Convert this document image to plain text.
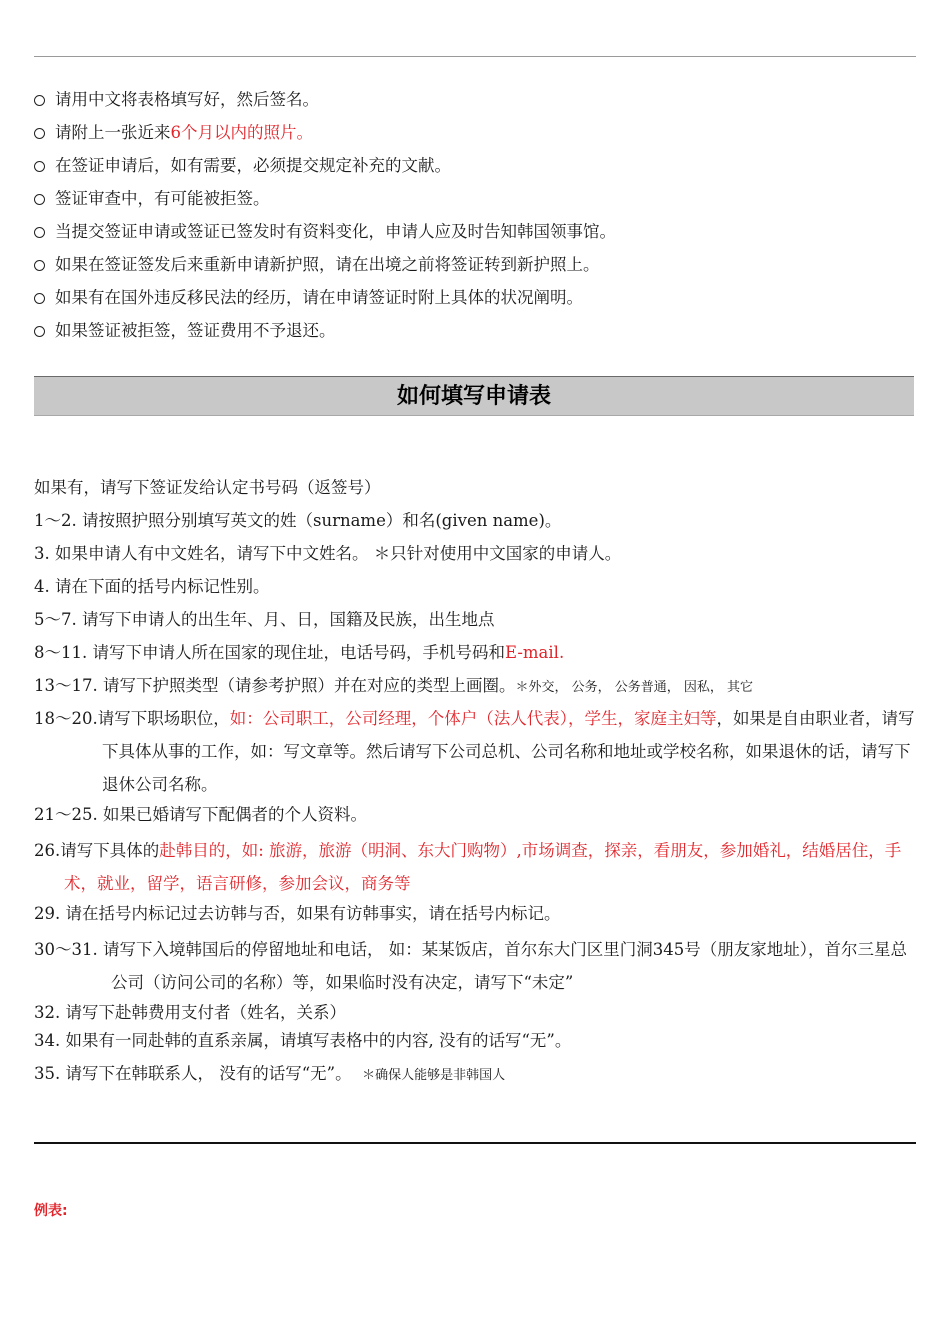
请用中文将表格填写好，然后签名。
请附上一张近来6个月以内的照片。
在签证申请后，如有需要，必须提交规定补充的文献。
签证审查中，有可能被拒签。
当提交签证申请或签证已签发时有资料变化，申请人应及时告知韩国领事馆。
如果在签证签发后来重新申请新护照，请在出境之前将签证转到新护照上。
如果有在国外违反移民法的经历，请在申请签证时附上具体的状况阐明。
如果签证被拒签，签证费用不予退还。
如何填写申请表
如果有，请写下签证发给认定书号码（返签号）
1～2. 请按照护照分别填写英文的姓（surname）和名(given name)。
3. 如果申请人有中文姓名，请写下中文姓名。 ＊只针对使用中文国家的申请人。
4. 请在下面的括号内标记性别。
5～7. 请写下申请人的出生年、月、日，国籍及民族，出生地点
8～11. 请写下申请人所在国家的现住址，电话号码，手机号码和E-mail.
13～17. 请写下护照类型（请参考护照）并在对应的类型上画圈。＊外交， 公务， 公务普通， 因私， 其它
18～20.请写下职场职位，如：公司职工，公司经理，个体户（法人代表），学生，家庭主妇等，如果是自由职业者，请写下具体从事的工作，如：写文章等。然后请写下公司总机、公司名称和地址或学校名称，如果退休的话，请写下退休公司名称。
21～25. 如果已婚请写下配偶者的个人资料。
26.请写下具体的赴韩目的，如: 旅游，旅游（明洞、东大门购物）,市场调查，探亲，看朋友，参加婚礼，结婚居住，手术，就业，留学，语言研修，参加会议，商务等
29. 请在括号内标记过去访韩与否，如果有访韩事实，请在括号内标记。
30～31. 请写下入境韩国后的停留地址和电话， 如：某某饭店，首尔东大门区里门洞345号（朋友家地址），首尔三星总公司（访问公司的名称）等，如果临时没有决定，请写下“未定”
32. 请写下赴韩费用支付者（姓名，关系）
34. 如果有一同赴韩的直系亲属，请填写表格中的内容, 没有的话写“无”。
35. 请写下在韩联系人， 没有的话写“无”。  ＊确保人能够是非韩国人
例表:
